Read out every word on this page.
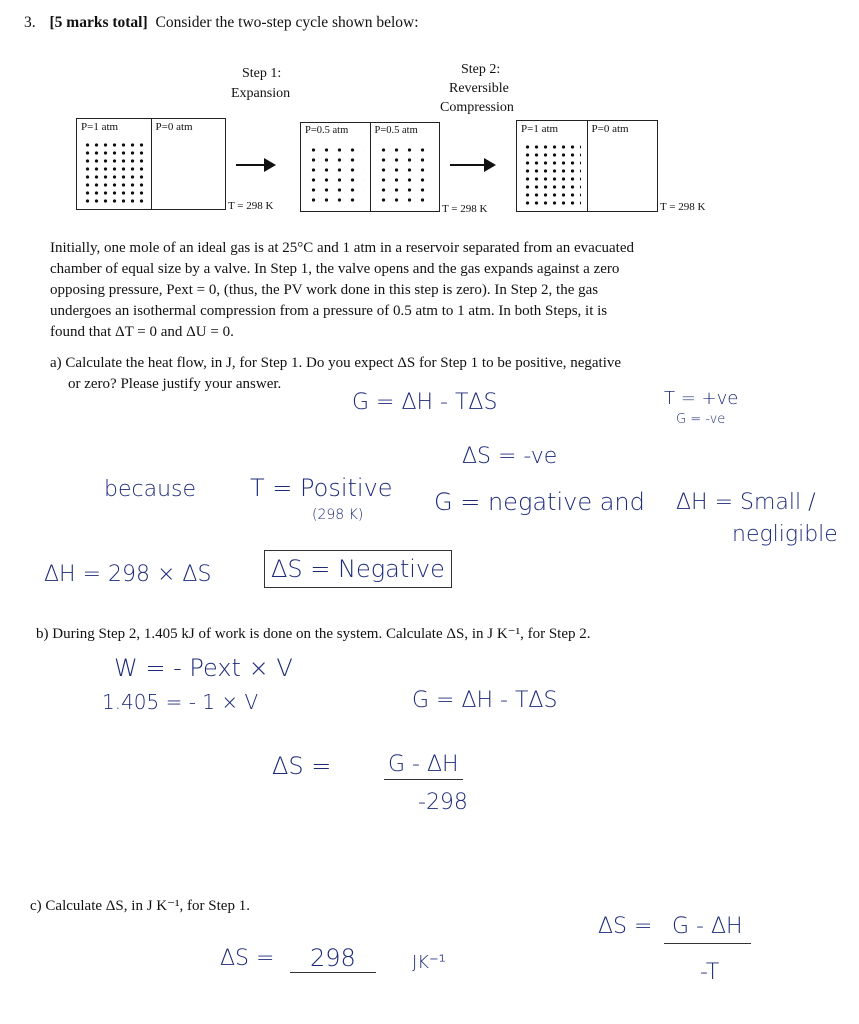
3. [5 marks total] Consider the two-step cycle shown below:
Step 1:
Expansion
Step 2:
Reversible
Compression
P=1 atm	P=0 atm
T = 298 K
P=0.5 atm P=0.5 atm
T = 298 K
P=1 atm	P=0 atm
T = 298 K
Initially, one mole of an ideal gas is at 25°C and 1 atm in a reservoir separated from an evacuated
chamber of equal size by a valve. In Step 1, the valve opens and the gas expands against a zero
opposing pressure, Pext = 0, (thus, the PV work done in this step is zero). In Step 2, the gas
undergoes an isothermal compression from a pressure of 0.5 atm to 1 atm. In both Steps, it is
found that ΔT = 0 and ΔU = 0.
a) Calculate the heat flow, in J, for Step 1. Do you expect ΔS for Step 1 to be positive, negative
or zero? Please justify your answer.
G = ΔH - TΔS	T = +ve
G = -ve
ΔS = -ve
because T = Positive
(298 K)	G = negative and ΔH = Small /
negligible
ΔH = 298 × ΔS ΔS = Negative
b) During Step 2, 1.405 kJ of work is done on the system. Calculate ΔS, in J K⁻¹, for Step 2.
W = - Pext × V
1.405 = - 1 × V	G = ΔH - TΔS
ΔS =	G - ΔH
-298
c) Calculate ΔS, in J K⁻¹, for Step 1.
ΔS =	298	JK⁻¹
ΔS = G - ΔH
-T
